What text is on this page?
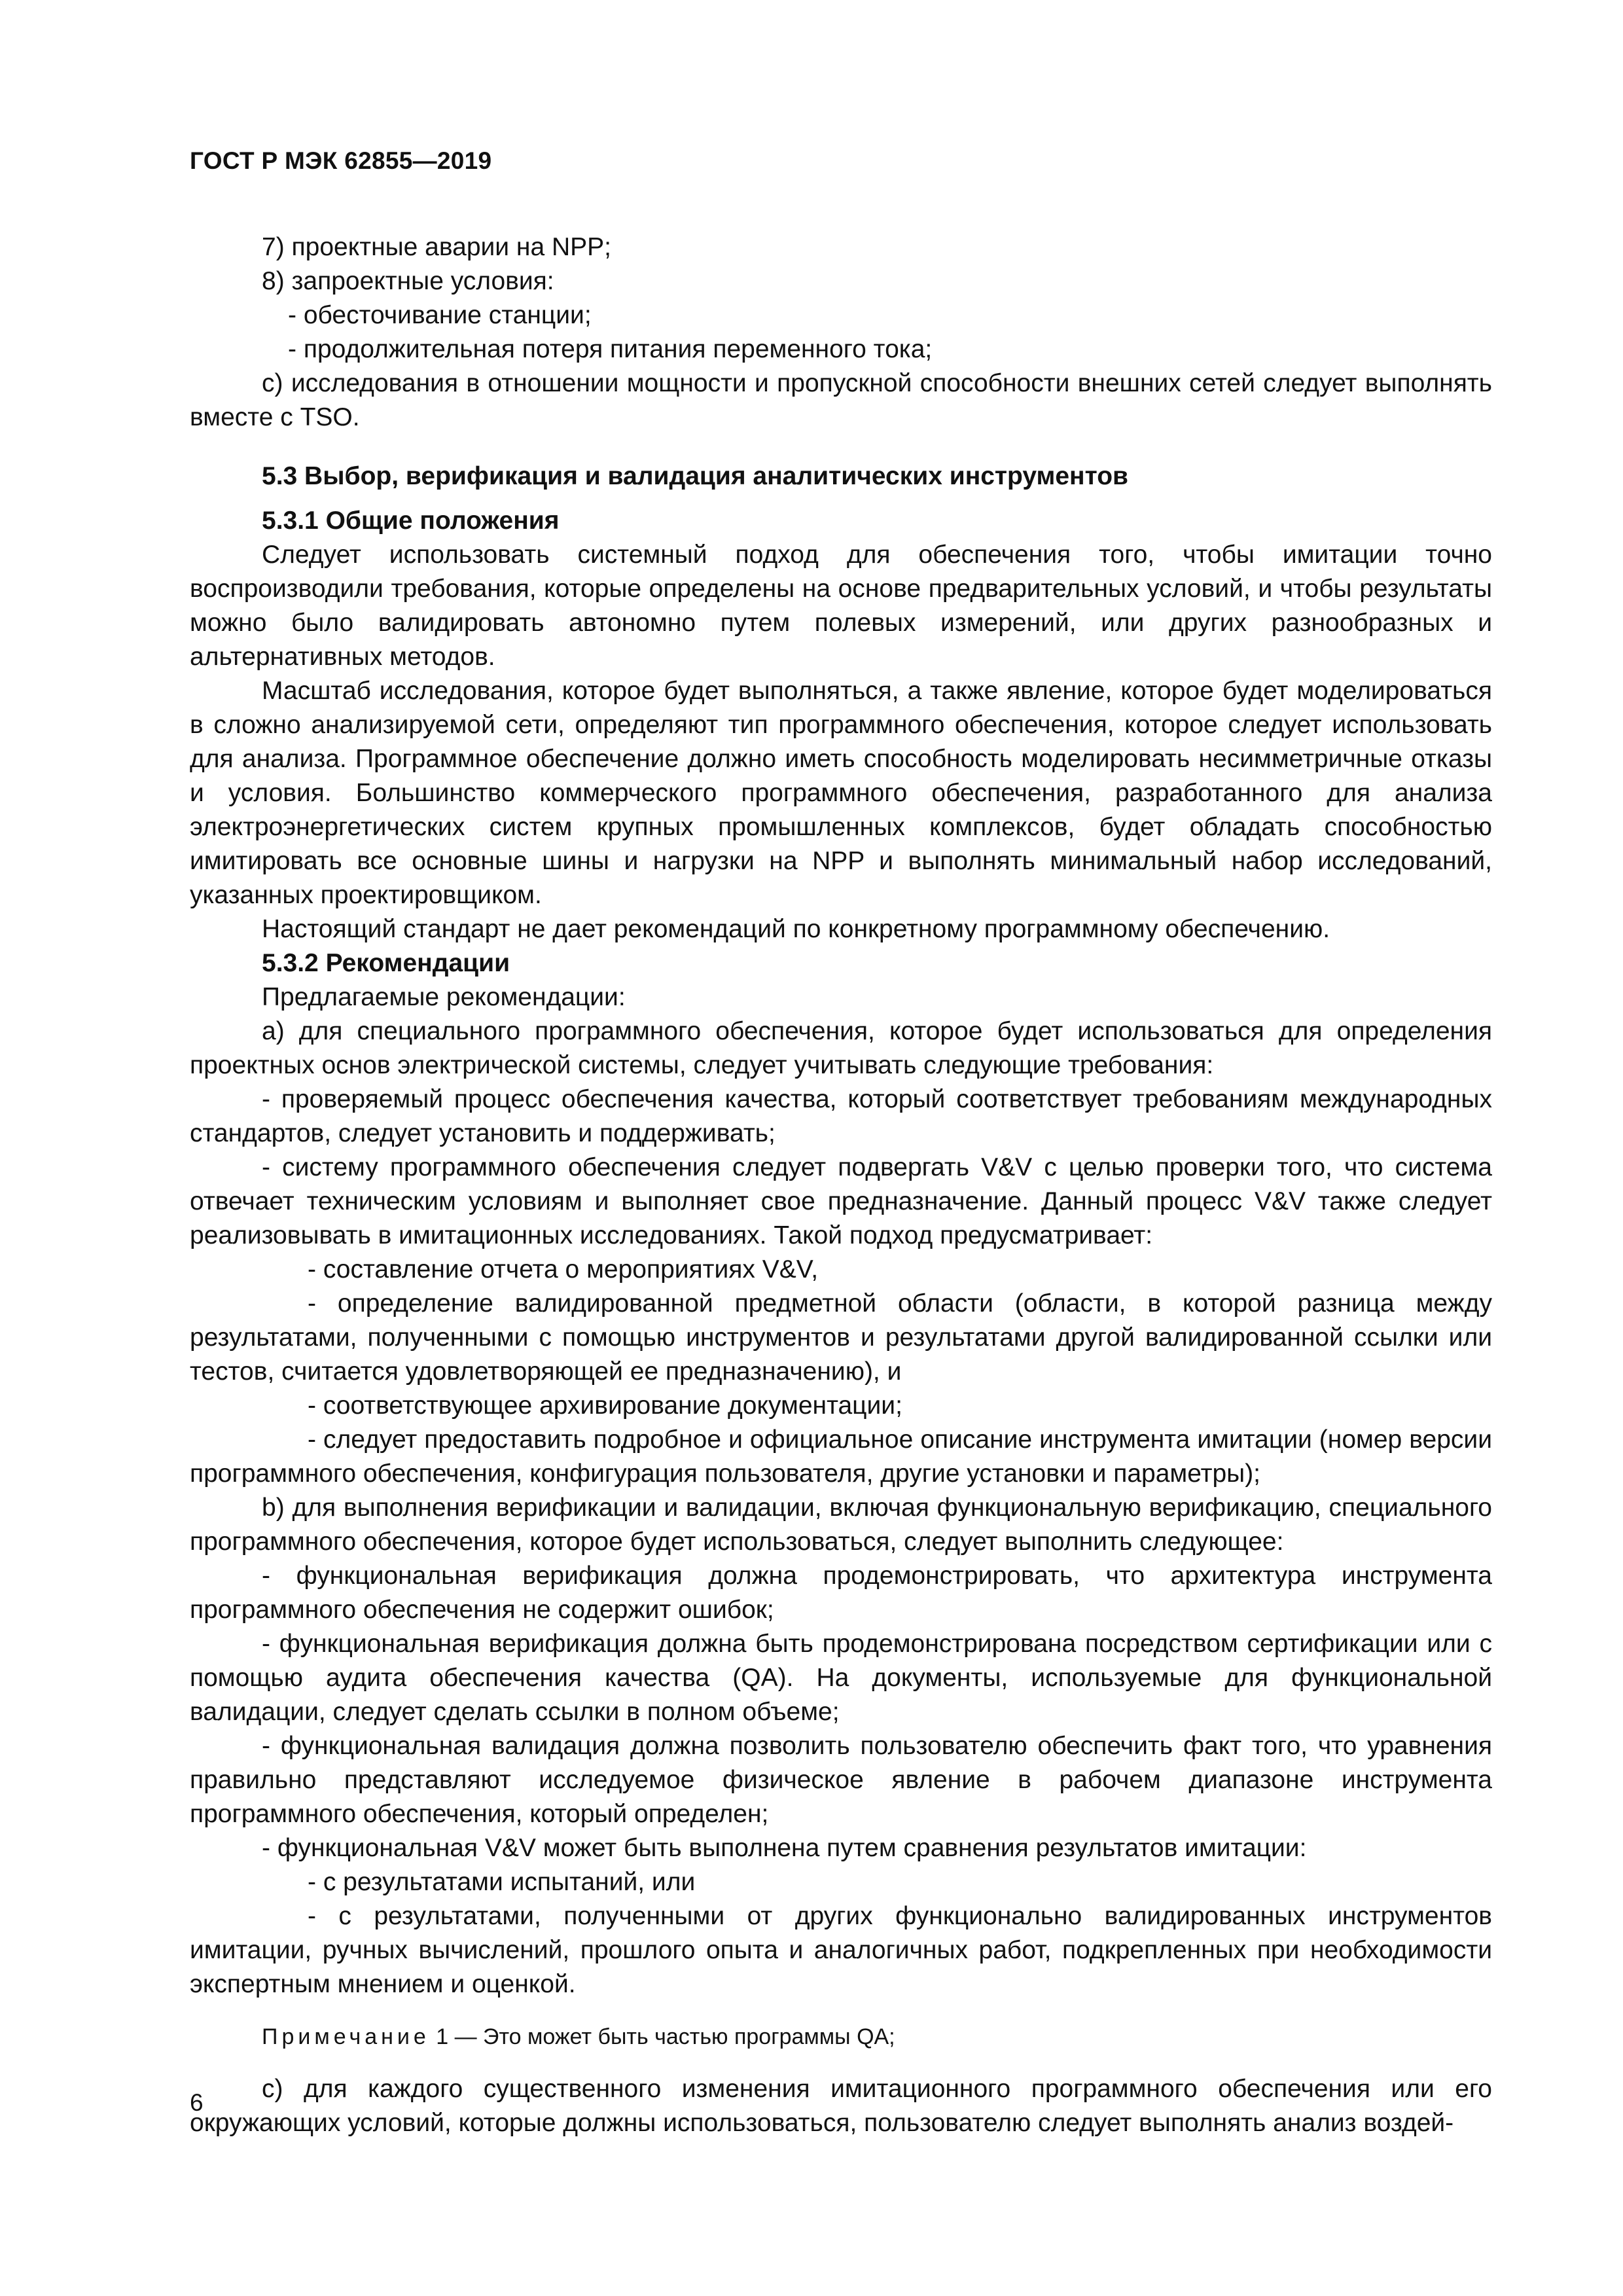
ГОСТ Р МЭК 62855—2019

7) проектные аварии на NPP;

8) запроектные условия:

- обесточивание станции;

- продолжительная потеря питания переменного тока;

c) исследования в отношении мощности и пропускной способности внешних сетей следует выполнять вместе с TSO.

5.3 Выбор, верификация и валидация аналитических инструментов

5.3.1 Общие положения

Следует использовать системный подход для обеспечения того, чтобы имитации точно воспроизводили требования, которые определены на основе предварительных условий, и чтобы результаты можно было валидировать автономно путем полевых измерений, или других разнообразных и альтернативных методов.

Масштаб исследования, которое будет выполняться, а также явление, которое будет моделироваться в сложно анализируемой сети, определяют тип программного обеспечения, которое следует использовать для анализа. Программное обеспечение должно иметь способность моделировать несимметричные отказы и условия. Большинство коммерческого программного обеспечения, разработанного для анализа электроэнергетических систем крупных промышленных комплексов, будет обладать способностью имитировать все основные шины и нагрузки на NPP и выполнять минимальный набор исследований, указанных проектировщиком.

Настоящий стандарт не дает рекомендаций по конкретному программному обеспечению.

5.3.2 Рекомендации

Предлагаемые рекомендации:

a) для специального программного обеспечения, которое будет использоваться для определения проектных основ электрической системы, следует учитывать следующие требования:

- проверяемый процесс обеспечения качества, который соответствует требованиям международных стандартов, следует установить и поддерживать;

- систему программного обеспечения следует подвергать V&V с целью проверки того, что система отвечает техническим условиям и выполняет свое предназначение. Данный процесс V&V также следует реализовывать в имитационных исследованиях. Такой подход предусматривает:

- составление отчета о мероприятиях V&V,

- определение валидированной предметной области (области, в которой разница между результатами, полученными с помощью инструментов и результатами другой валидированной ссылки или тестов, считается удовлетворяющей ее предназначению), и

- соответствующее архивирование документации;

- следует предоставить подробное и официальное описание инструмента имитации (номер версии программного обеспечения, конфигурация пользователя, другие установки и параметры);

b) для выполнения верификации и валидации, включая функциональную верификацию, специального программного обеспечения, которое будет использоваться, следует выполнить следующее:

- функциональная верификация должна продемонстрировать, что архитектура инструмента программного обеспечения не содержит ошибок;

- функциональная верификация должна быть продемонстрирована посредством сертификации или с помощью аудита обеспечения качества (QA). На документы, используемые для функциональной валидации, следует сделать ссылки в полном объеме;

- функциональная валидация должна позволить пользователю обеспечить факт того, что уравнения правильно представляют исследуемое физическое явление в рабочем диапазоне инструмента программного обеспечения, который определен;

- функциональная V&V может быть выполнена путем сравнения результатов имитации:

- с результатами испытаний, или

- с результатами, полученными от других функционально валидированных инструментов имитации, ручных вычислений, прошлого опыта и аналогичных работ, подкрепленных при необходимости экспертным мнением и оценкой.

Примечание 1 — Это может быть частью программы QA;

c) для каждого существенного изменения имитационного программного обеспечения или его окружающих условий, которые должны использоваться, пользователю следует выполнять анализ воздей-

6
